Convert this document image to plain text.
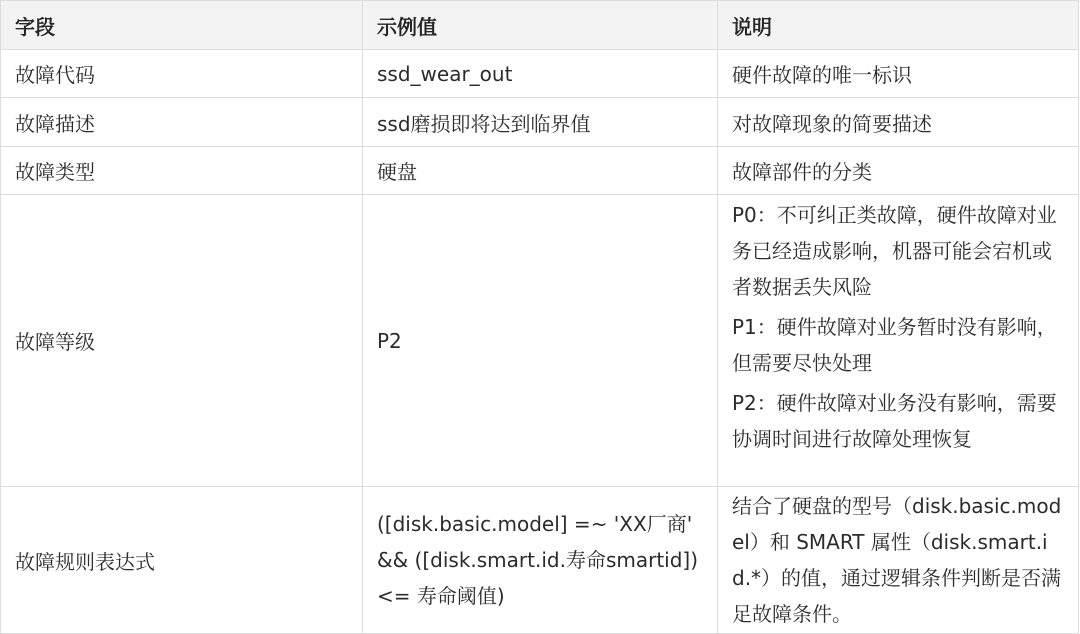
字段	示例值	说明
故障代码	ssd_wear_out	硬件故障的唯一标识
故障描述	ssd磨损即将达到临界值	对故障现象的简要描述
故障类型	硬盘	故障部件的分类
故障等级	P2	P0：不可纠正类故障，硬件故障对业务已经造成影响，机器可能会宕机或者数据丢失风险
P1：硬件故障对业务暂时没有影响，但需要尽快处理
P2：硬件故障对业务没有影响，需要协调时间进行故障处理恢复

故障规则表达式	([disk.basic.model] =~ 'XX厂商' && ([disk.smart.id.寿命smartid]) <= 寿命阈值)	结合了硬盘的型号（disk.basic.model）和 SMART 属性（disk.smart.id.*）的值，通过逻辑条件判断是否满足故障条件。
